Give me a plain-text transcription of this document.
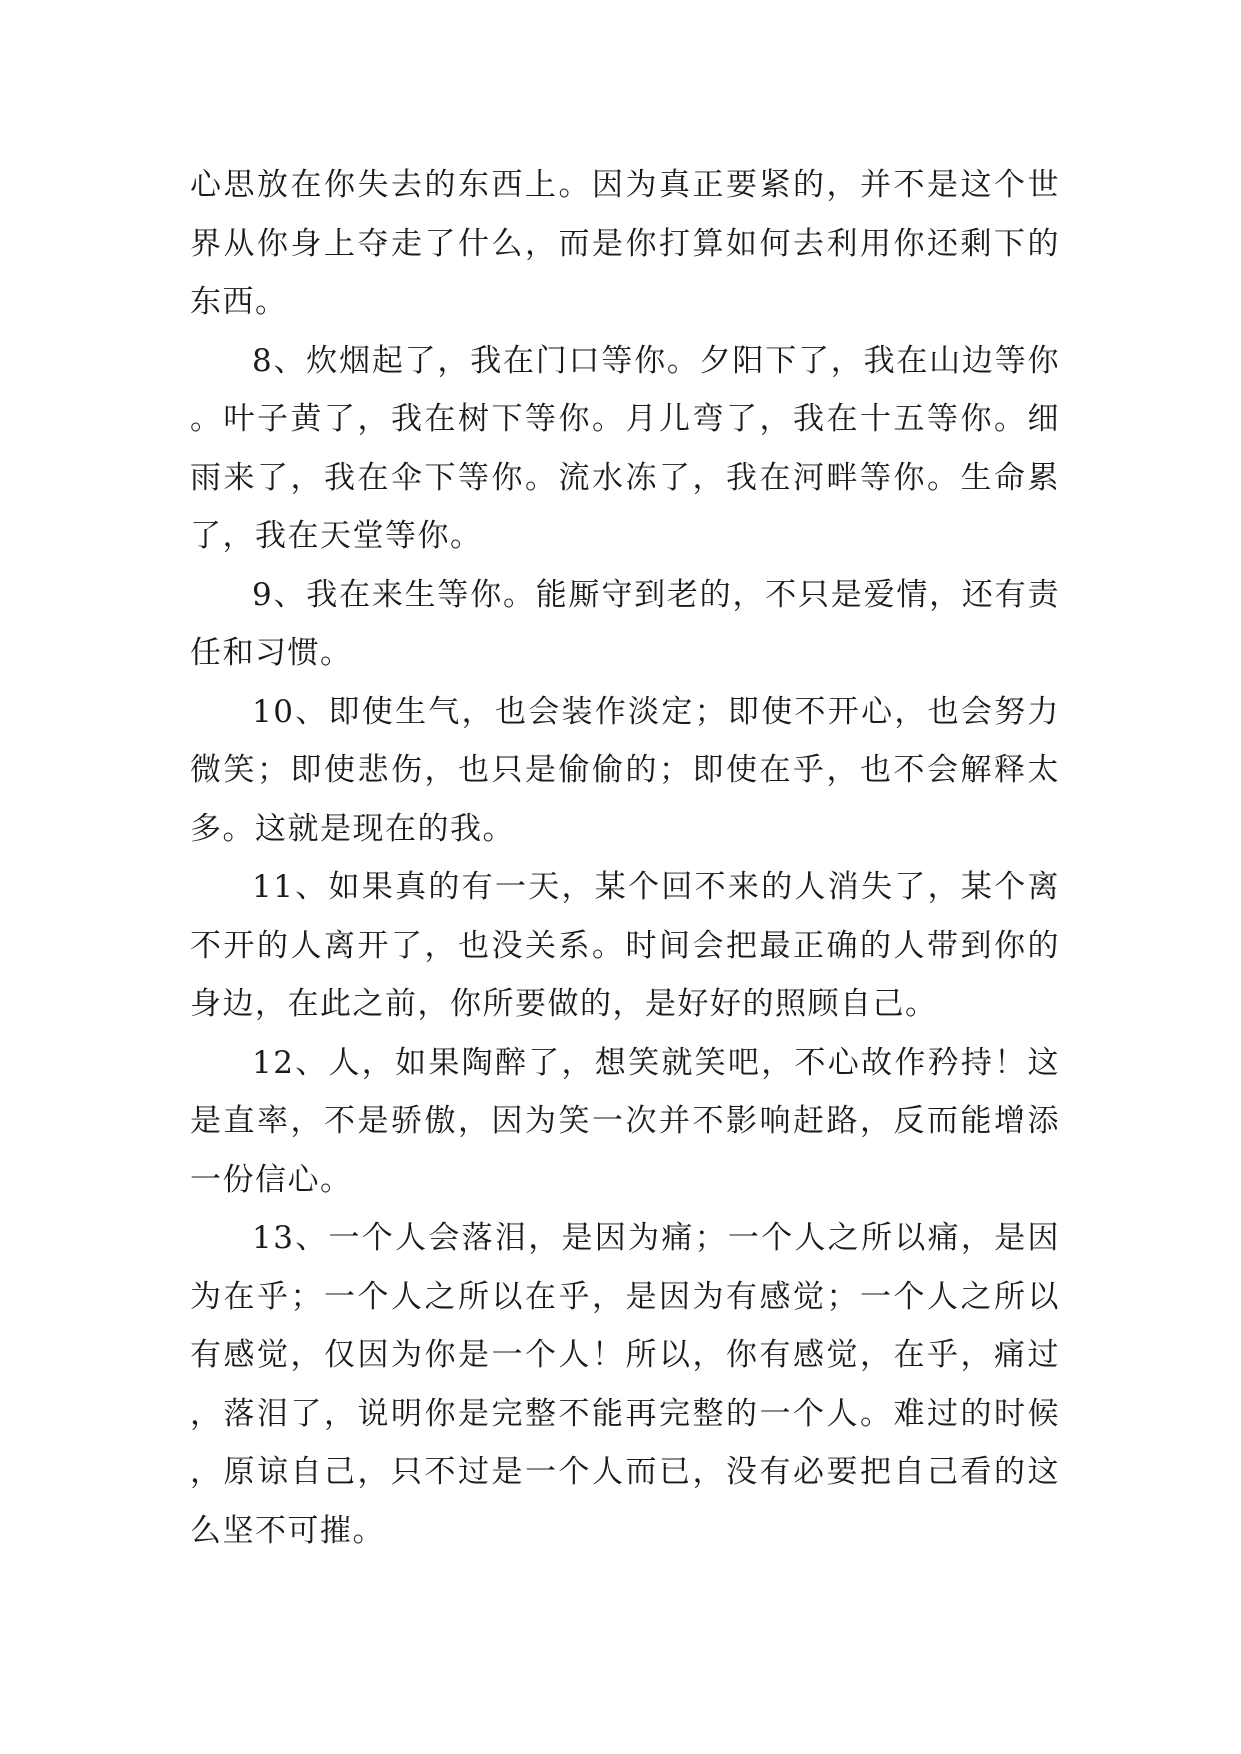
心思放在你失去的东西上。因为真正要紧的，并不是这个世界从你身上夺走了什么，而是你打算如何去利用你还剩下的东西。

8、炊烟起了，我在门口等你。夕阳下了，我在山边等你。叶子黄了，我在树下等你。月儿弯了，我在十五等你。细雨来了，我在伞下等你。流水冻了，我在河畔等你。生命累了，我在天堂等你。

9、我在来生等你。能厮守到老的，不只是爱情，还有责任和习惯。

10、即使生气，也会装作淡定；即使不开心，也会努力微笑；即使悲伤，也只是偷偷的；即使在乎，也不会解释太多。这就是现在的我。

11、如果真的有一天，某个回不来的人消失了，某个离不开的人离开了，也没关系。时间会把最正确的人带到你的身边，在此之前，你所要做的，是好好的照顾自己。

12、人，如果陶醉了，想笑就笑吧，不心故作矜持！这是直率，不是骄傲，因为笑一次并不影响赶路，反而能增添一份信心。

13、一个人会落泪，是因为痛；一个人之所以痛，是因为在乎；一个人之所以在乎，是因为有感觉；一个人之所以有感觉，仅因为你是一个人！所以，你有感觉，在乎，痛过，落泪了，说明你是完整不能再完整的一个人。难过的时候，原谅自己，只不过是一个人而已，没有必要把自己看的这么坚不可摧。
